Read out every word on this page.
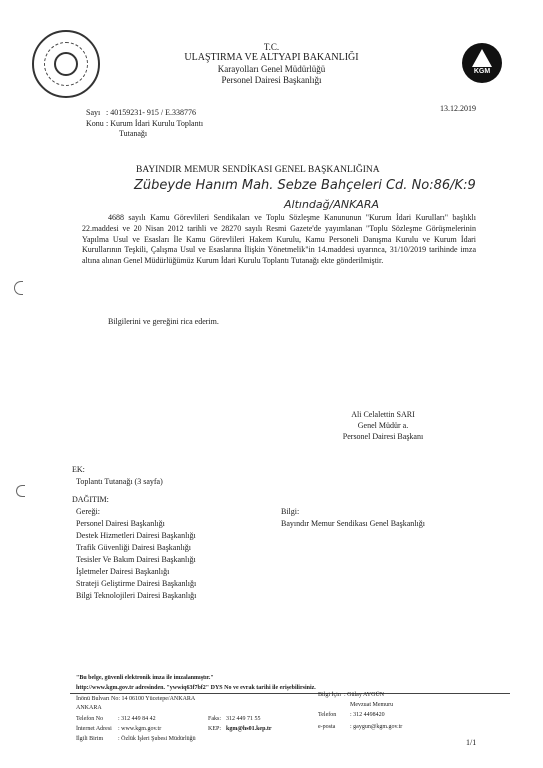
KGM
T.C.
ULAŞTIRMA VE ALTYAPI BAKANLIĞI
Karayolları Genel Müdürlüğü
Personel Dairesi Başkanlığı
Sayı : 40159231- 915 / E.338776	13.12.2019
Konu : Kurum İdari Kurulu Toplantı
Tutanağı
BAYINDIR MEMUR SENDİKASI GENEL BAŞKANLIĞINA
Zübeyde Hanım Mah. Sebze Bahçeleri Cd. No:86/K:9
Altındağ/ANKARA
4688 sayılı Kamu Görevlileri Sendikaları ve Toplu Sözleşme Kanununun "Kurum İdari Kurulları" başlıklı 22.maddesi ve 20 Nisan 2012 tarihli ve 28270 sayılı Resmi Gazete'de yayımlanan "Toplu Sözleşme Görüşmelerinin Yapılma Usul ve Esasları İle Kamu Görevlileri Hakem Kurulu, Kamu Personeli Danışma Kurulu ve Kurum İdari Kurullarının Teşkili, Çalışma Usul ve Esaslarına İlişkin Yönetmelik"in 14.maddesi uyarınca, 31/10/2019 tarihinde imza altına alınan Genel Müdürlüğümüz Kurum İdari Kurulu Toplantı Tutanağı ekte gönderilmiştir.
Bilgilerini ve gereğini rica ederim.
Ali Celalettin SARI
Genel Müdür a.
Personel Dairesi Başkanı
EK:
Toplantı Tutanağı (3 sayfa)
DAĞITIM:
Gereği:
Personel Dairesi Başkanlığı
Destek Hizmetleri Dairesi Başkanlığı
Trafik Güvenliği Dairesi Başkanlığı
Tesisler Ve Bakım Dairesi Başkanlığı
İşletmeler Dairesi Başkanlığı
Strateji Geliştirme Dairesi Başkanlığı
Bilgi Teknolojileri Dairesi Başkanlığı
Bilgi:
Bayındır Memur Sendikası Genel Başkanlığı
"Bu belge, güvenli elektronik imza ile imzalanmıştır."
http://www.kgm.gov.tr adresinden. "ywwiq63f7bf2" DYS No ve evrak tarihi ile erişebilirsiniz.
İnönü Bulvarı No: 14 06100 Yücetepe/ANKARA
ANKARA
Telefon No : 312 449 84 42
İnternet Adresi : www.kgm.gov.tr
İlgili Birim : Özlük İşleri Şubesi Müdürlüğü
Faks: 312 449 71 55
KEP: kgm@hs01.kep.tr
Bilgi İçin : Gülay AYGÜN
Mevzuat Memuru
Telefon : 312 4498420
e-posta : gaygun@kgm.gov.tr
1/1
